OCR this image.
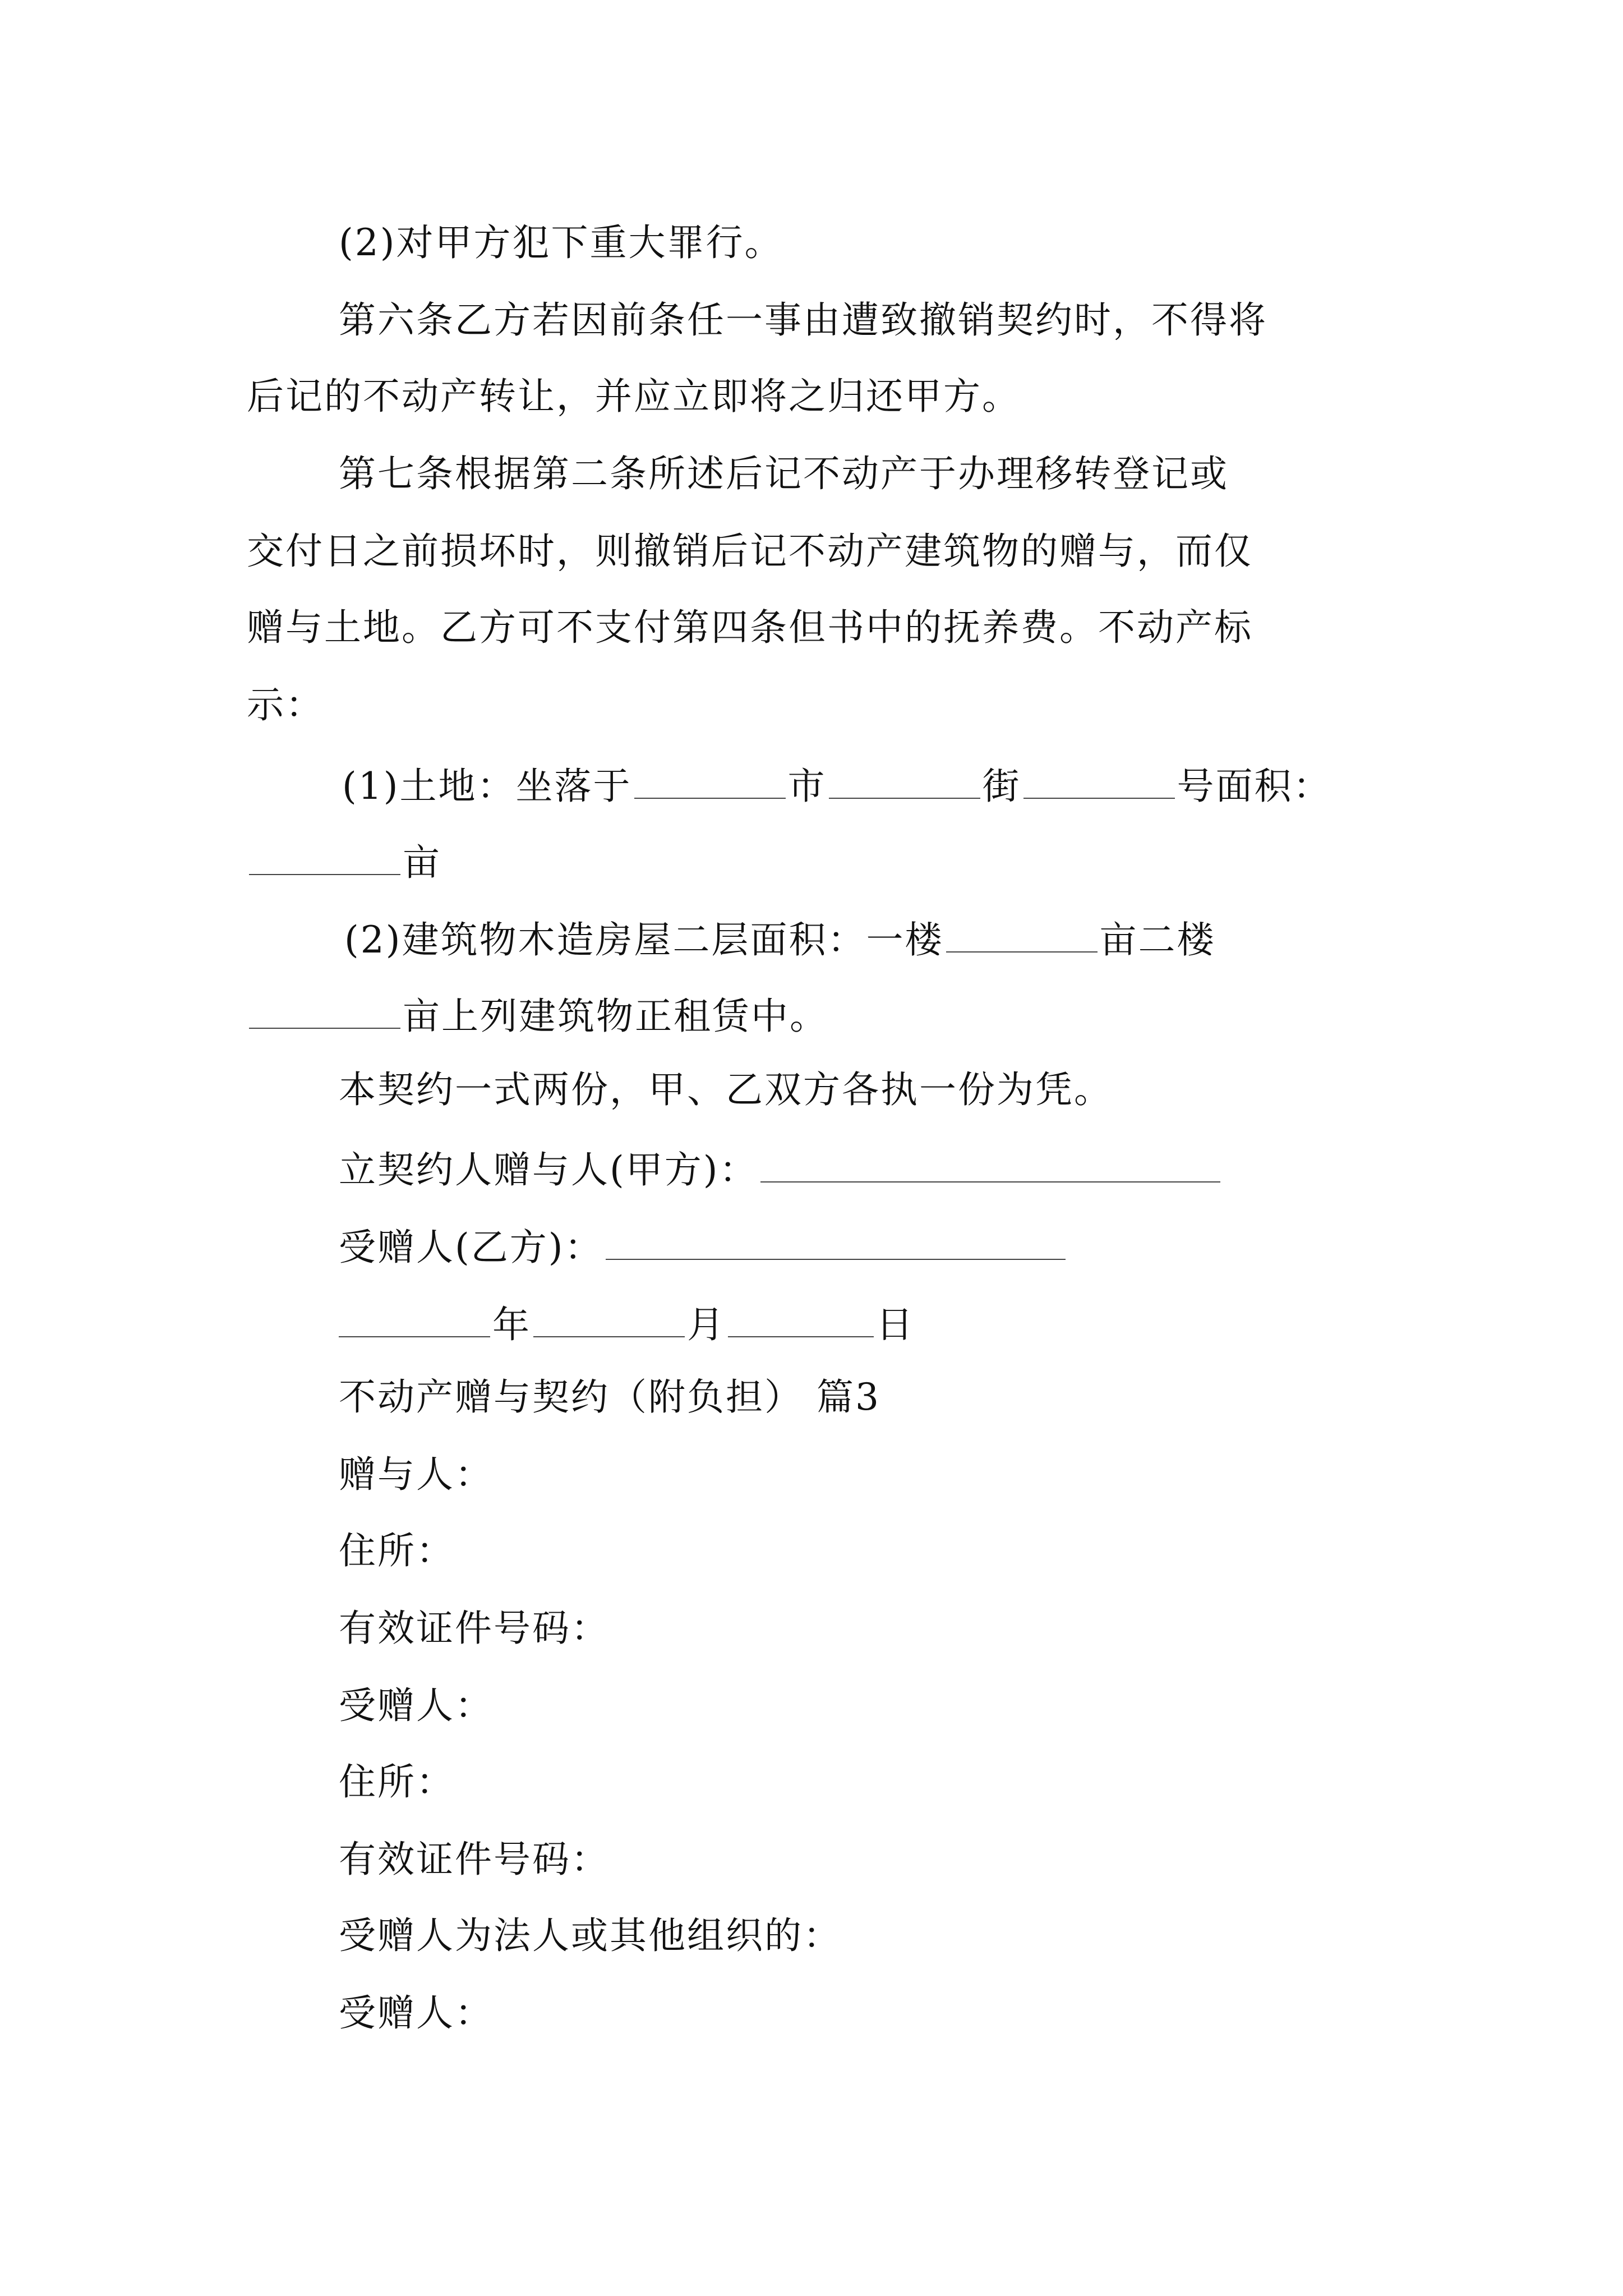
(2)对甲方犯下重大罪行。
第六条乙方若因前条任一事由遭致撤销契约时，不得将
后记的不动产转让，并应立即将之归还甲方。
第七条根据第二条所述后记不动产于办理移转登记或
交付日之前损坏时，则撤销后记不动产建筑物的赠与，而仅
赠与土地。乙方可不支付第四条但书中的抚养费。不动产标
示：
(1)土地：坐落于	市	街	号面积：
亩
(2)建筑物木造房屋二层面积：一楼	亩二楼
亩上列建筑物正租赁中。
本契约一式两份，甲、乙双方各执一份为凭。
立契约人赠与人(甲方)：
受赠人(乙方)：
年	月	日
不动产赠与契约（附负担） 篇3
赠与人：
住所：
有效证件号码：
受赠人：
住所：
有效证件号码：
受赠人为法人或其他组织的：
受赠人：
